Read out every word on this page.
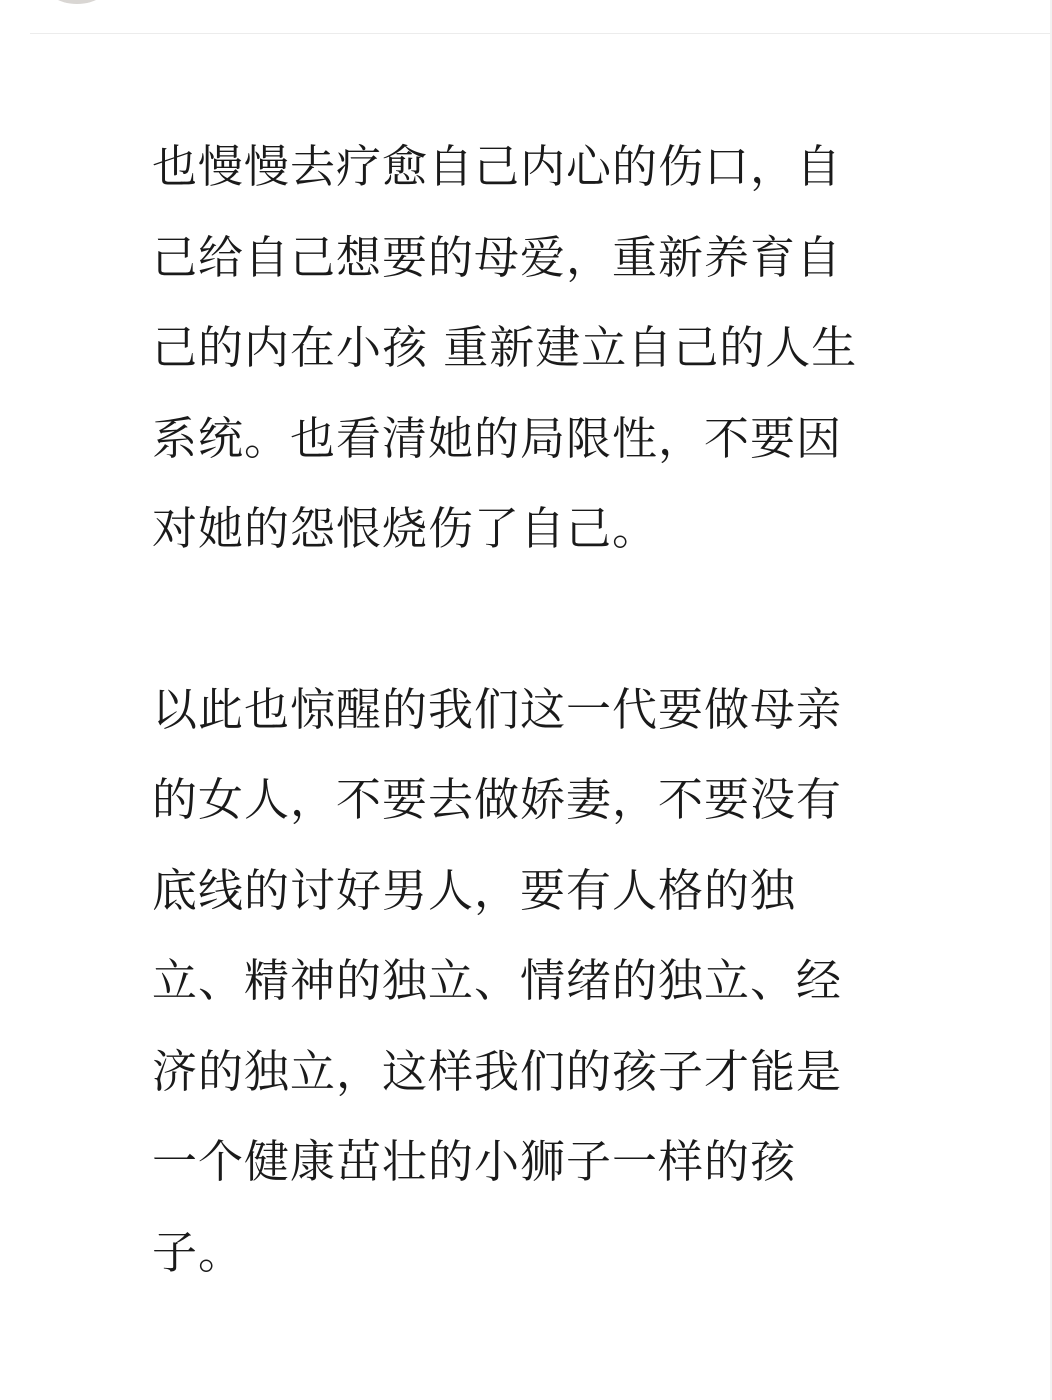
也慢慢去疗愈自己内心的伤口，自
己给自己想要的母爱，重新养育自
己的内在小孩 重新建立自己的人生
系统。也看清她的局限性，不要因
对她的怨恨烧伤了自己。
以此也惊醒的我们这一代要做母亲
的女人，不要去做娇妻，不要没有
底线的讨好男人，要有人格的独
立、精神的独立、情绪的独立、经
济的独立，这样我们的孩子才能是
一个健康茁壮的小狮子一样的孩
子。
